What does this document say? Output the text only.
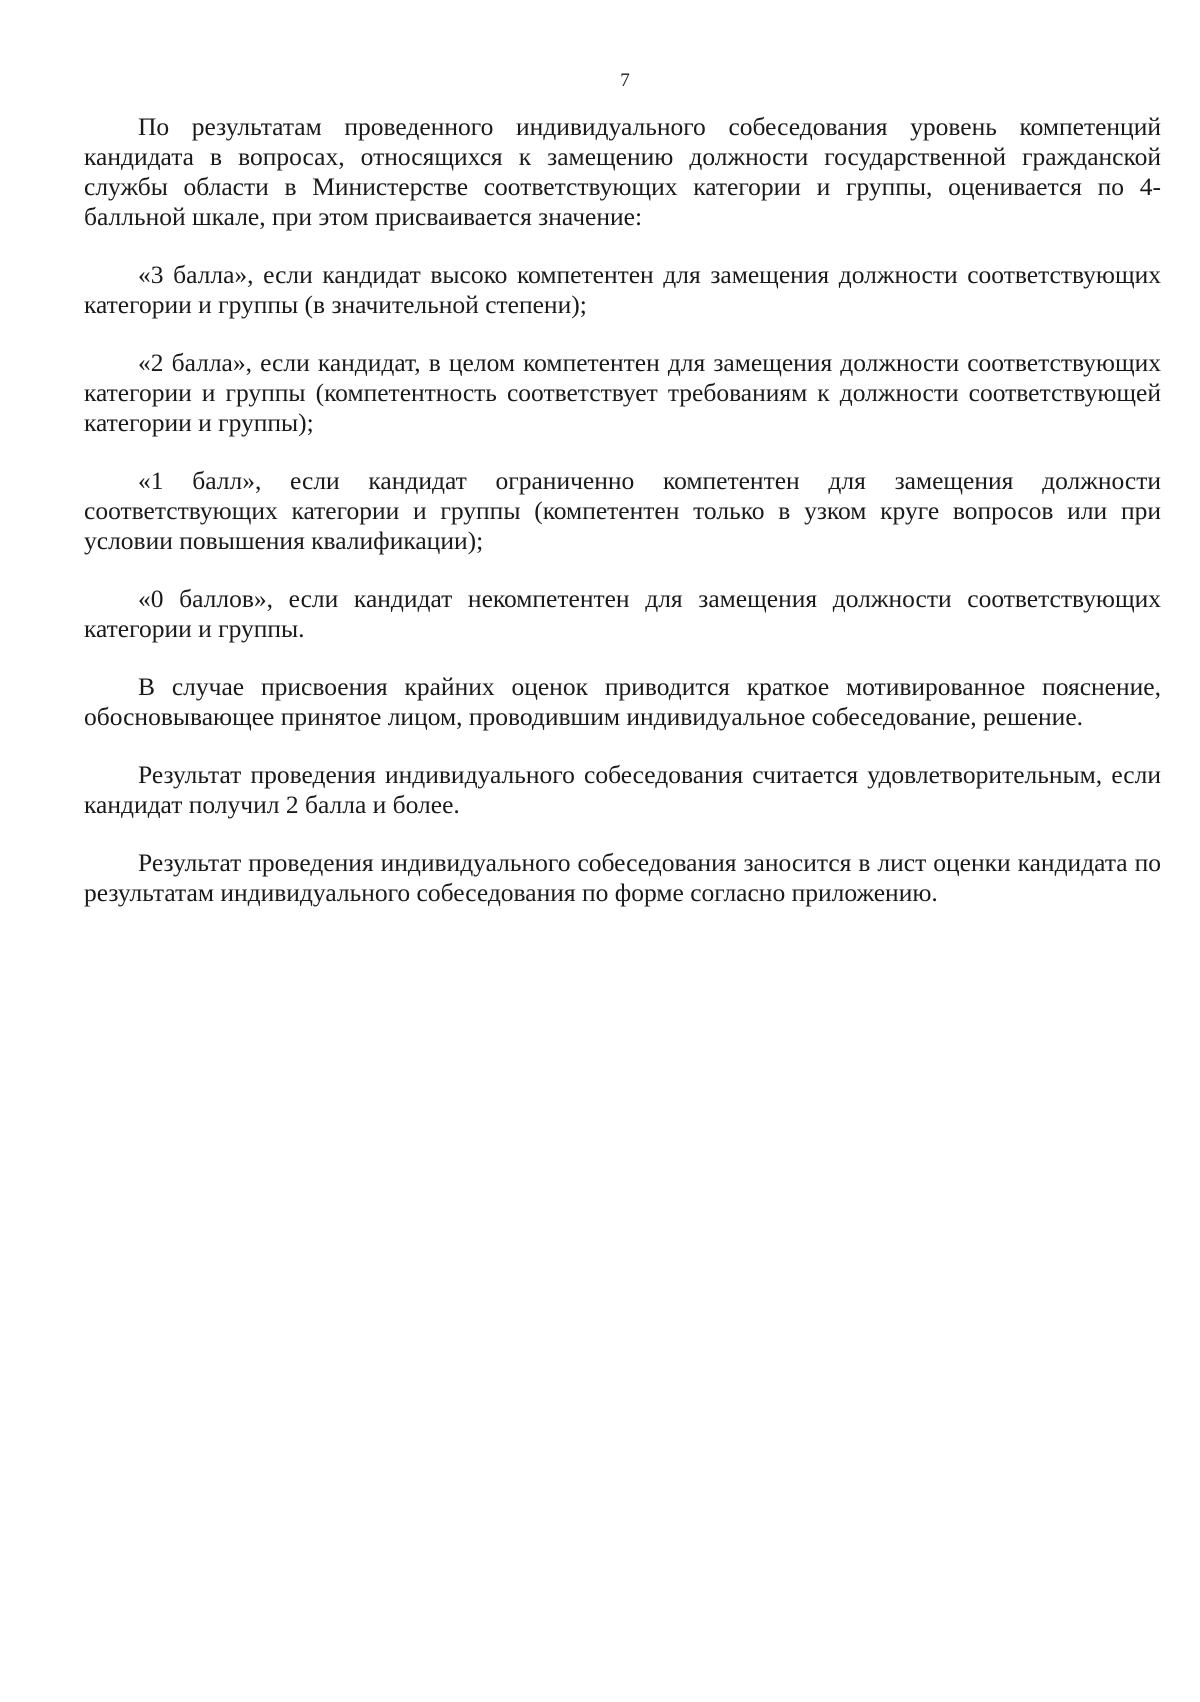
7

По результатам проведенного индивидуального собеседования уровень компетенций кандидата в вопросах, относящихся к замещению должности государственной гражданской службы области в Министерстве соответствующих категории и группы, оценивается по 4-балльной шкале, при этом присваивается значение:

«3 балла», если кандидат высоко компетентен для замещения должности соответствующих категории и группы (в значительной степени);

«2 балла», если кандидат, в целом компетентен для замещения должности соответствующих категории и группы (компетентность соответствует требованиям к должности соответствующей категории и группы);

«1 балл», если кандидат ограниченно компетентен для замещения должности соответствующих категории и группы (компетентен только в узком круге вопросов или при условии повышения квалификации);

«0 баллов», если кандидат некомпетентен для замещения должности соответствующих категории и группы.

В случае присвоения крайних оценок приводится краткое мотивированное пояснение, обосновывающее принятое лицом, проводившим индивидуальное собеседование, решение.

Результат проведения индивидуального собеседования считается удовлетворительным, если кандидат получил 2 балла и более.

Результат проведения индивидуального собеседования заносится в лист оценки кандидата по результатам индивидуального собеседования по форме согласно приложению.
